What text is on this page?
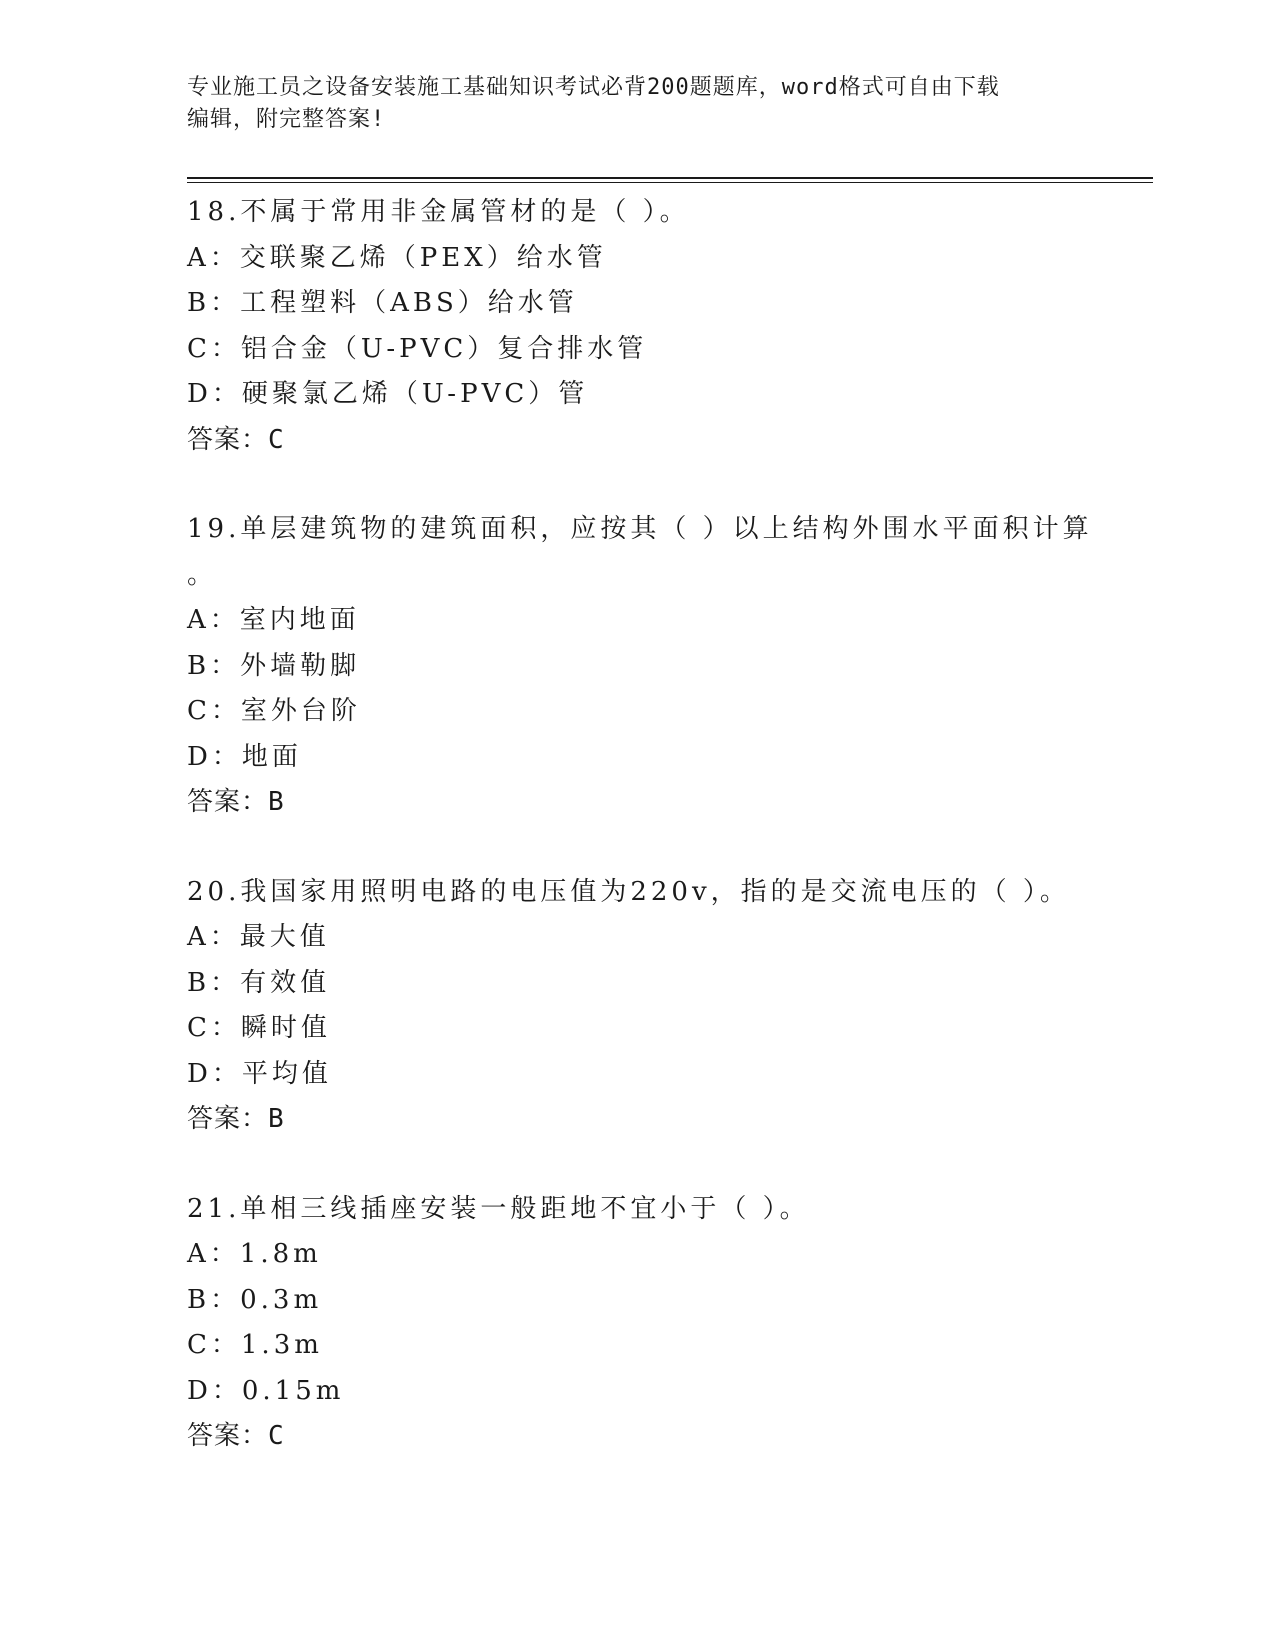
专业施工员之设备安装施工基础知识考试必背200题题库，word格式可自由下载
编辑，附完整答案!
18.不属于常用非金属管材的是（ ）。
A：交联聚乙烯（PEX）给水管
B：工程塑料（ABS）给水管
C：铝合金（U-PVC）复合排水管
D：硬聚氯乙烯（U-PVC）管
答案：C
19.单层建筑物的建筑面积，应按其（ ）以上结构外围水平面积计算
。
A：室内地面
B：外墙勒脚
C：室外台阶
D：地面
答案：B
20.我国家用照明电路的电压值为220v，指的是交流电压的（ ）。
A：最大值
B：有效值
C：瞬时值
D：平均值
答案：B
21.单相三线插座安装一般距地不宜小于（ ）。
A：1.8m
B：0.3m
C：1.3m
D：0.15m
答案：C
